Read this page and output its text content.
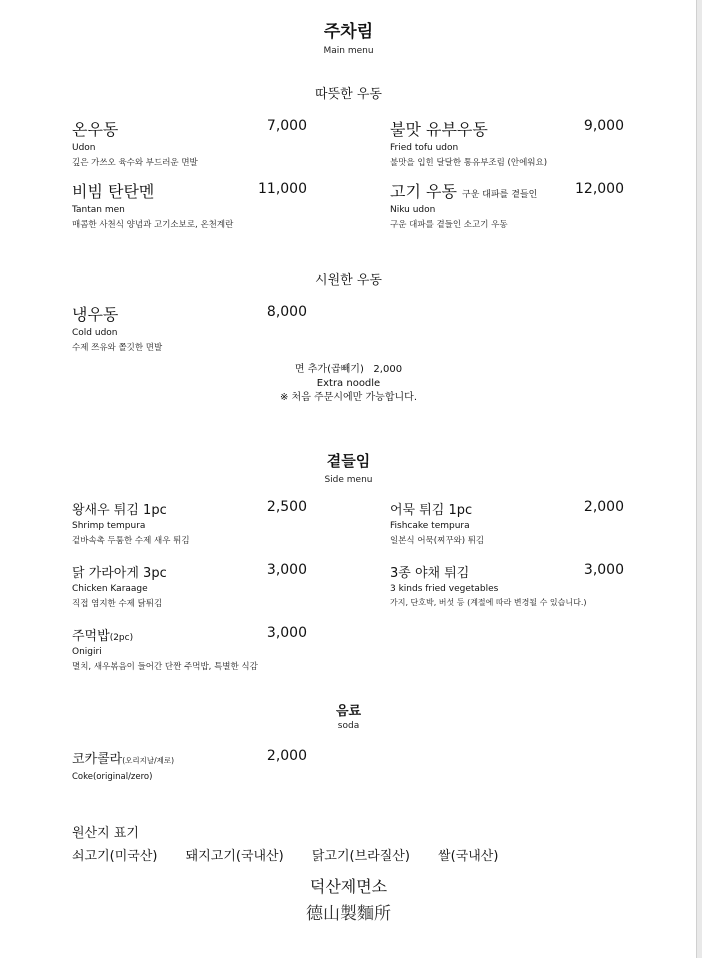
주차림
Main menu
따뜻한 우동
온우동
Udon
깊은 가쓰오 육수와 부드러운 면발
7,000	불맛 유부우동
Fried tofu udon
불맛을 입힌 달달한 통유부조림 (안에워요)
9,000
비빔 탄탄멘
Tantan men
매콤한 사천식 양념과 고기소보로, 온천계란
11,000	고기 우동 구운 대파를 곁들인
Niku udon
구운 대파를 곁들인 소고기 우동
12,000
시원한 우동
냉우동
Cold udon
수제 쯔유와 쫄깃한 면발
8,000
면 추가(곱빼기) 2,000
Extra noodle
※ 처음 주문시에만 가능합니다.
곁들임
Side menu
왕새우 튀김 1pc
Shrimp tempura
겉바속촉 두툼한 수제 새우 튀김
2,500	어묵 튀김 1pc
Fishcake tempura
일본식 어묵(찌꾸와) 튀김
2,000
닭 가라아게 3pc
Chicken Karaage
직접 염지한 수제 닭튀김
3,000	3종 야채 튀김
3 kinds fried vegetables
가지, 단호박, 버섯 등 (계절에 따라 변경될 수 있습니다.)
3,000
주먹밥(2pc)
Onigiri
멸치, 새우볶음이 들어간 단짠 주먹밥, 특별한 식감
3,000
음료
soda
코카콜라(오리지날/제로)
Coke(original/zero)
2,000
원산지 표기
쇠고기(미국산) 돼지고기(국내산) 닭고기(브라질산) 쌀(국내산)
덕산제면소
德山製麵所
